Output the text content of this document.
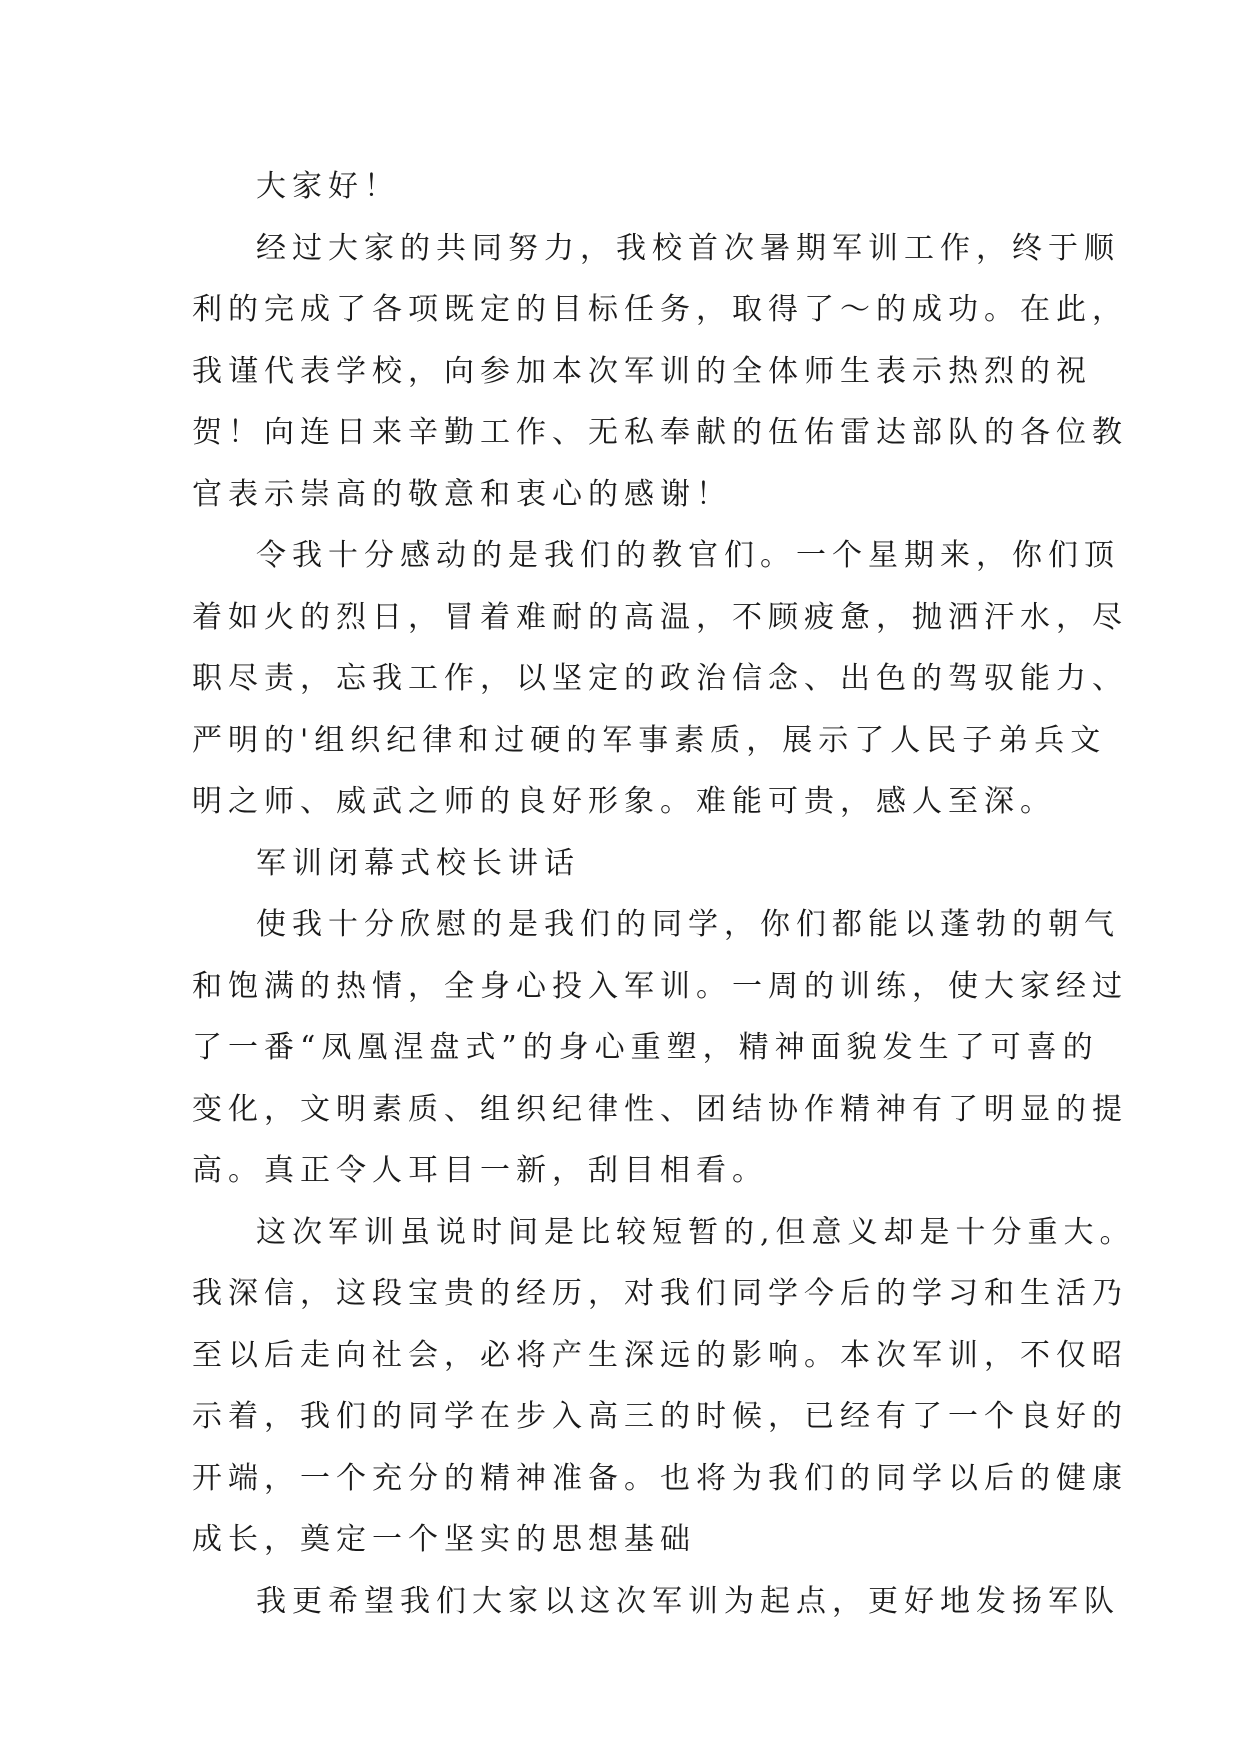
大家好！
经过大家的共同努力，我校首次暑期军训工作，终于顺
利的完成了各项既定的目标任务，取得了～的成功。在此，
我谨代表学校，向参加本次军训的全体师生表示热烈的祝
贺！向连日来辛勤工作、无私奉献的伍佑雷达部队的各位教
官表示崇高的敬意和衷心的感谢！
令我十分感动的是我们的教官们。一个星期来，你们顶
着如火的烈日，冒着难耐的高温，不顾疲惫，抛洒汗水，尽
职尽责，忘我工作，以坚定的政治信念、出色的驾驭能力、
严明的'组织纪律和过硬的军事素质，展示了人民子弟兵文
明之师、威武之师的良好形象。难能可贵，感人至深。
军训闭幕式校长讲话
使我十分欣慰的是我们的同学，你们都能以蓬勃的朝气
和饱满的热情，全身心投入军训。一周的训练，使大家经过
了一番“凤凰涅盘式”的身心重塑，精神面貌发生了可喜的
变化，文明素质、组织纪律性、团结协作精神有了明显的提
高。真正令人耳目一新，刮目相看。
这次军训虽说时间是比较短暂的,但意义却是十分重大。
我深信，这段宝贵的经历，对我们同学今后的学习和生活乃
至以后走向社会，必将产生深远的影响。本次军训，不仅昭
示着，我们的同学在步入高三的时候，已经有了一个良好的
开端，一个充分的精神准备。也将为我们的同学以后的健康
成长，奠定一个坚实的思想基础
我更希望我们大家以这次军训为起点，更好地发扬军队
